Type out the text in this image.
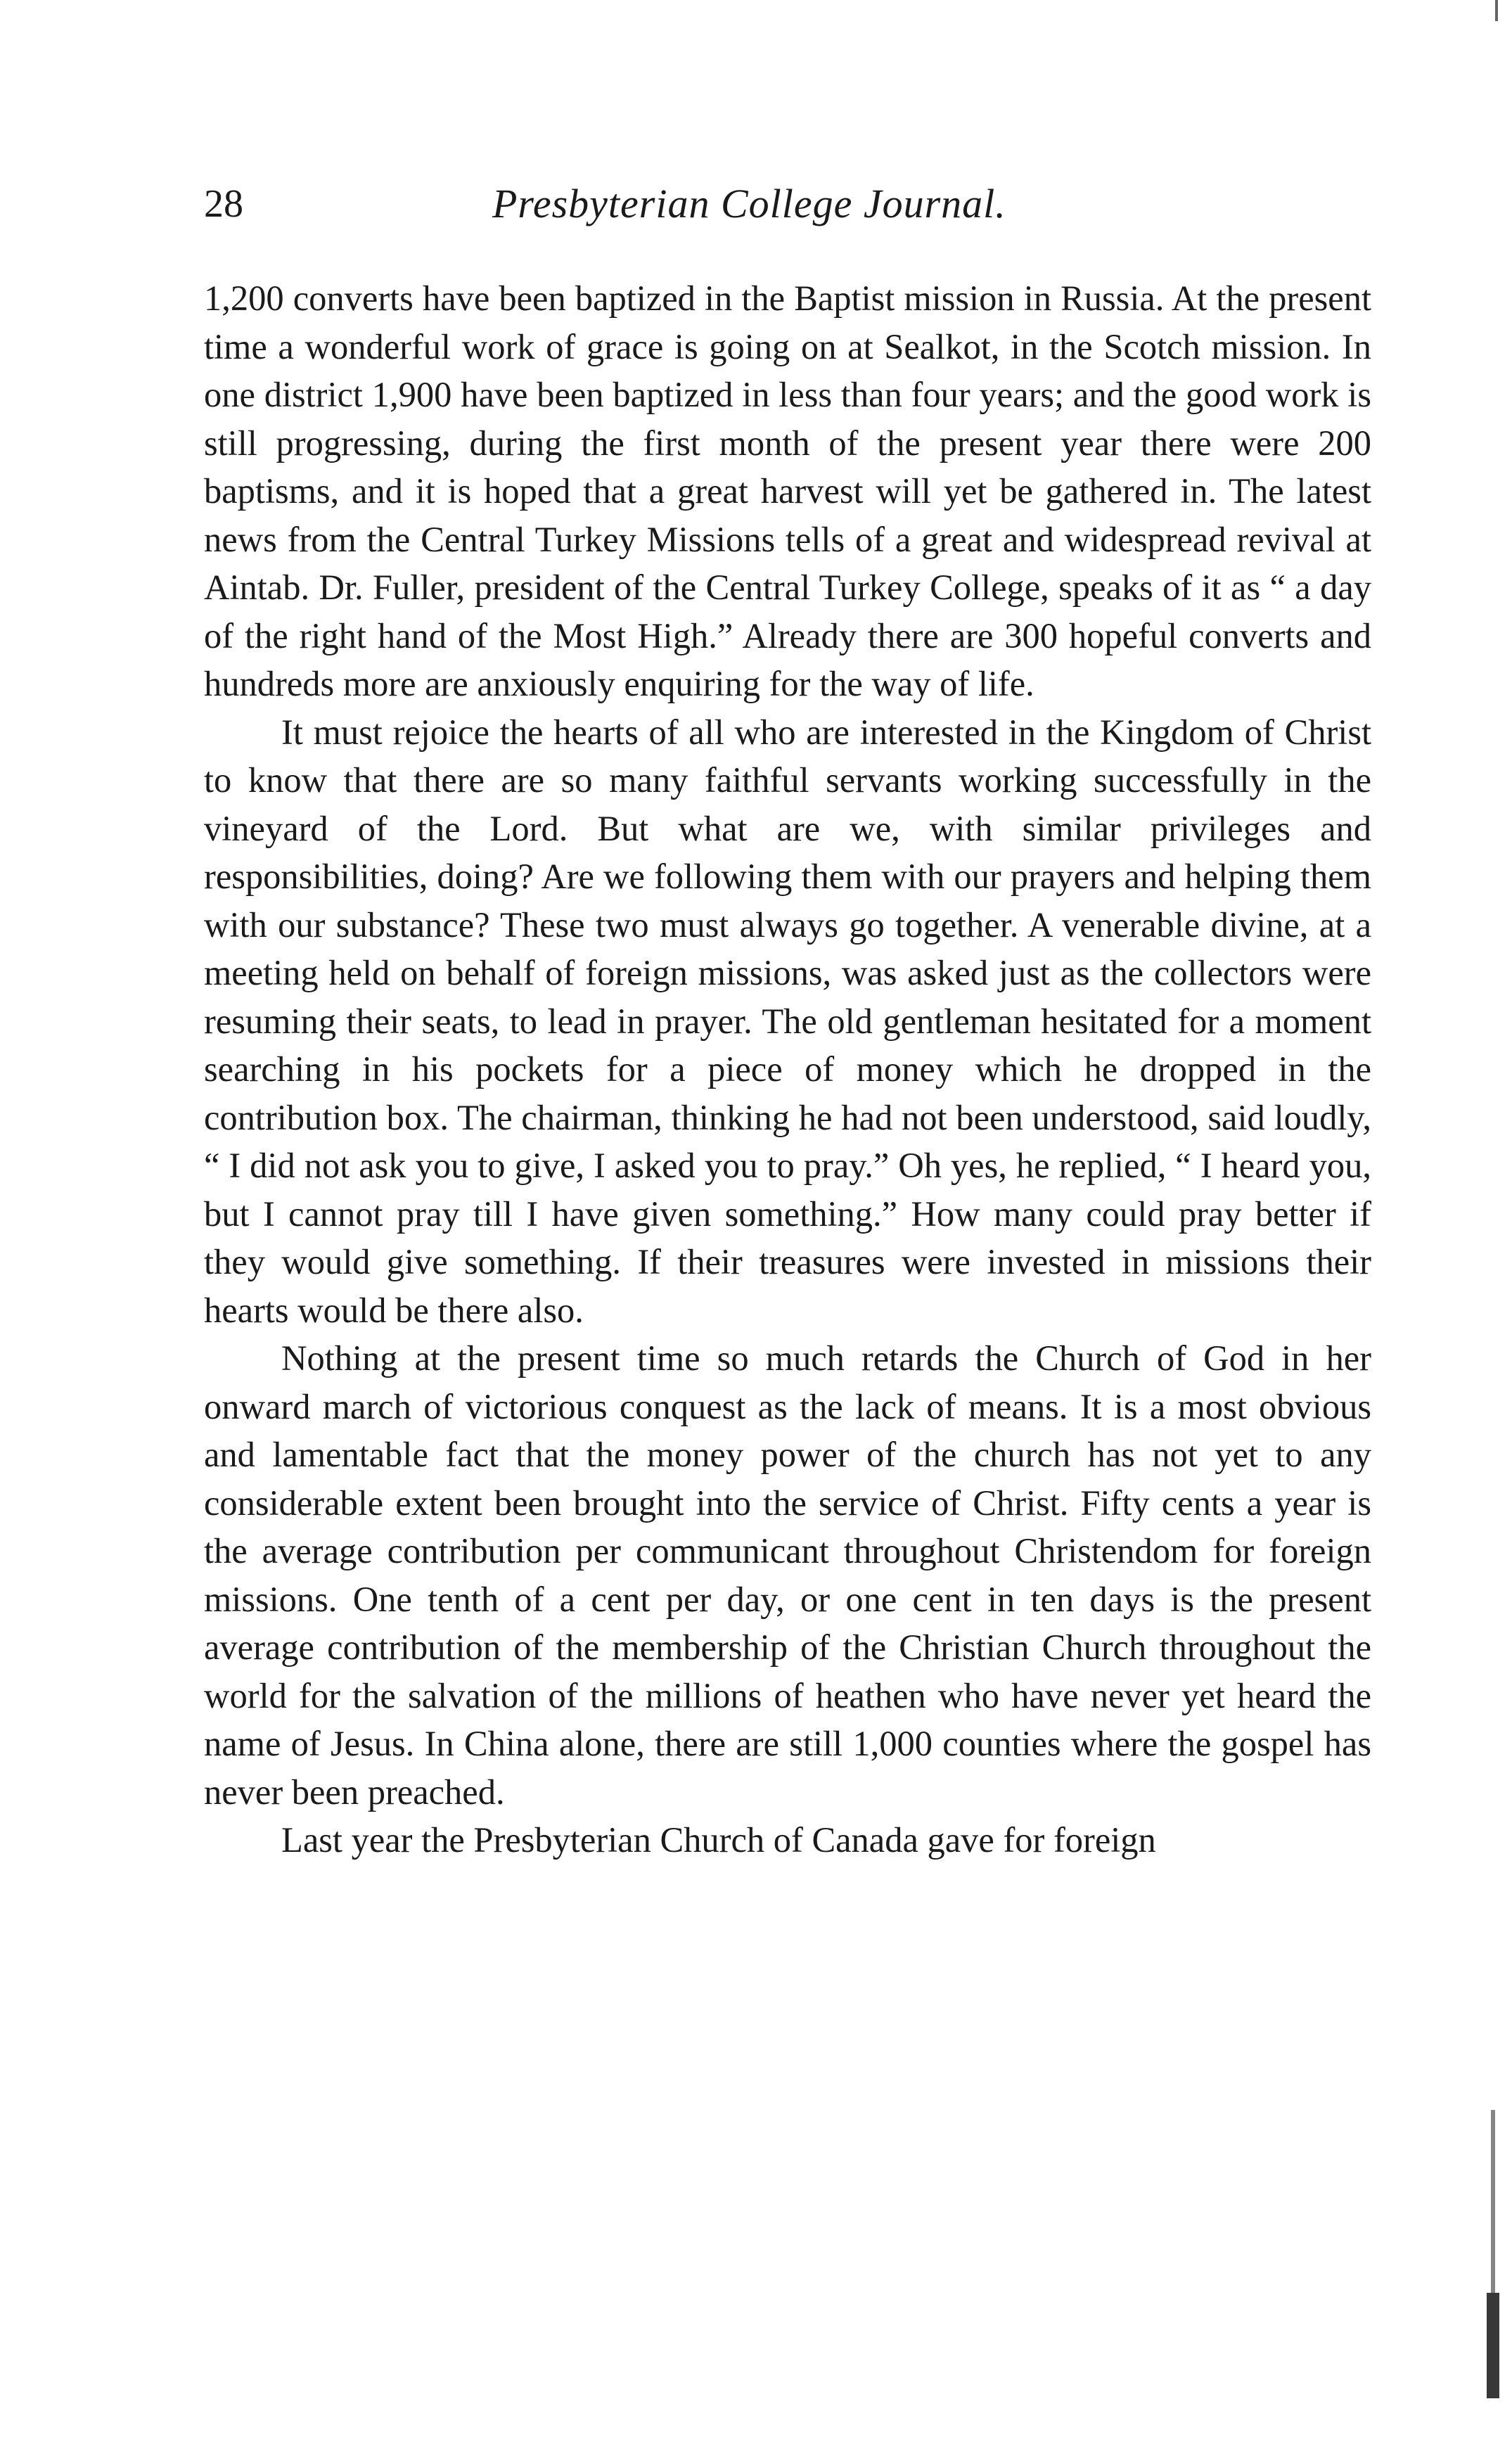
28	Presbyterian College Journal.

1,200 converts have been baptized in the Baptist mission in Russia. At the present time a wonderful work of grace is going on at Sealkot, in the Scotch mission. In one district 1,900 have been baptized in less than four years; and the good work is still progressing, during the first month of the present year there were 200 baptisms, and it is hoped that a great harvest will yet be gathered in. The latest news from the Central Turkey Missions tells of a great and widespread revival at Aintab. Dr. Fuller, president of the Central Turkey College, speaks of it as “ a day of the right hand of the Most High.” Already there are 300 hopeful converts and hundreds more are anxiously enquiring for the way of life.

It must rejoice the hearts of all who are interested in the Kingdom of Christ to know that there are so many faithful servants working successfully in the vineyard of the Lord. But what are we, with similar privileges and responsibilities, doing? Are we following them with our prayers and helping them with our substance? These two must always go together. A venerable divine, at a meeting held on behalf of foreign missions, was asked just as the collectors were resuming their seats, to lead in prayer. The old gentleman hesitated for a moment searching in his pockets for a piece of money which he dropped in the contribution box. The chairman, thinking he had not been understood, said loudly, “ I did not ask you to give, I asked you to pray.” Oh yes, he replied, “ I heard you, but I cannot pray till I have given something.” How many could pray better if they would give something. If their treasures were invested in missions their hearts would be there also.

Nothing at the present time so much retards the Church of God in her onward march of victorious conquest as the lack of means. It is a most obvious and lamentable fact that the money power of the church has not yet to any considerable extent been brought into the service of Christ. Fifty cents a year is the average contribution per communicant throughout Christendom for foreign missions. One tenth of a cent per day, or one cent in ten days is the present average contribution of the membership of the Christian Church throughout the world for the salvation of the millions of heathen who have never yet heard the name of Jesus. In China alone, there are still 1,000 counties where the gospel has never been preached.

Last year the Presbyterian Church of Canada gave for foreign
